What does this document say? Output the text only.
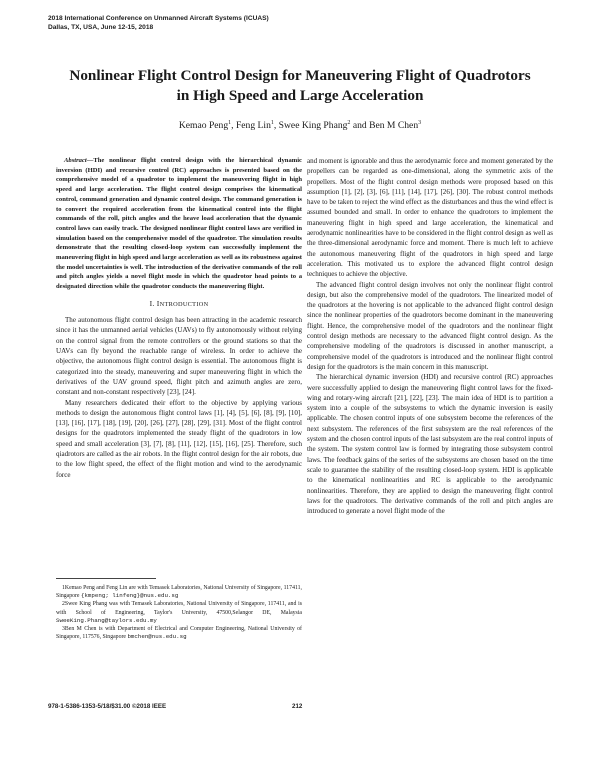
2018 International Conference on Unmanned Aircraft Systems (ICUAS)
Dallas, TX, USA, June 12-15, 2018
Nonlinear Flight Control Design for Maneuvering Flight of Quadrotors
in High Speed and Large Acceleration
Kemao Peng$^1$, Feng Lin$^1$, Swee King Phang$^2$ and Ben M Chen$^3$

Abstract—The nonlinear flight control design with the hierarchical dynamic inversion (HDI) and recursive control (RC) approaches is presented based on the comprehensive model of a quadrotor to implement the maneuvering flight in high speed and large acceleration. The flight control design comprises the kinematical control, command generation and dynamic control design. The command generation is to convert the required acceleration from the kinematical control into the flight commands of the roll, pitch angles and the heave load acceleration that the dynamic control laws can easily track. The designed nonlinear flight control laws are verified in simulation based on the comprehensive model of the quadrotor. The simulation results demonstrate that the resulting closed-loop system can successfully implement the maneuvering flight in high speed and large acceleration as well as its robustness against the model uncertainties is well. The introduction of the derivative commands of the roll and pitch angles yields a novel flight mode in which the quadrotor head points to a designated direction while the quadrotor conducts the maneuvering flight.

I. INTRODUCTION

The autonomous flight control design has been attracting in the academic research since it has the unmanned aerial vehicles (UAVs) to fly autonomously without relying on the control signal from the remote controllers or the ground stations so that the UAVs can fly beyond the reachable range of wireless. In order to achieve the objective, the autonomous flight control design is essential. The autonomous flight is categorized into the steady, maneuvering and super maneuvering flight in which the derivatives of the UAV ground speed, flight pitch and azimuth angles are zero, constant and non-constant respectively [23], [24].

Many researchers dedicated their effort to the objective by applying various methods to design the autonomous flight control laws [1], [4], [5], [6], [8], [9], [10], [13], [16], [17], [18], [19], [20], [26], [27], [28], [29], [31]. Most of the flight control designs for the quadrotors implemented the steady flight of the quadrotors in low speed and small acceleration [3], [7], [8], [11], [12], [15], [16], [25]. Therefore, such qiadrotors are called as the air robots. In the flight control design for the air robots, due to the low flight speed, the effect of the flight motion and wind to the aerodynamic force

and moment is ignorable and thus the aerodynamic force and moment generated by the propellers can be regarded as one-dimensional, along the symmetric axis of the propellers. Most of the flight control design methods were proposed based on this assumption [1], [2], [3], [6], [11], [14], [17], [26], [30]. The robust control methods have to be taken to reject the wind effect as the disturbances and thus the wind effect is assumed bounded and small. In order to enhance the quadrotors to implement the maneuvering flight in high speed and large acceleration, the kinematical and aerodynamic nonlinearities have to be considered in the flight control design as well as the three-dimensional aerodynamic force and moment. There is much left to achieve the autonomous maneuvering flight of the quadrotors in high speed and large acceleration. This motivated us to explore the advanced flight control design techniques to achieve the objective.

The advanced flight control design involves not only the nonlinear flight control design, but also the comprehensive model of the quadrotors. The linearized model of the quadrotors at the hovering is not applicable to the advanced flight control design since the nonlinear properties of the quadrotors become dominant in the maneuvering flight. Hence, the comprehensive model of the quadrotors and the nonlinear flight control design methods are necessary to the advanced flight control design. As the comprehensive modeling of the quadrotors is discussed in another manuscript, a comprehensive model of the quadrotors is introduced and the nonlinear flight control design for the quadrotors is the main concern in this manuscript.

The hierarchical dynamic inversion (HDI) and recursive control (RC) approaches were successfully applied to design the maneuvering flight control laws for the fixed-wing and rotary-wing aircraft [21], [22], [23]. The main idea of HDI is to partition a system into a couple of the subsystems to which the dynamic inversion is easily applicable. The chosen control inputs of one subsystem become the references of the next subsystem. The references of the first subsystem are the real references of the system and the chosen control inputs of the last subsystem are the real control inputs of the system. The system control law is formed by integrating those subsystem control laws. The feedback gains of the series of the subsystems are chosen based on the time scale to guarantee the stability of the resulting closed-loop system. HDI is applicable to the kinematical nonlinearities and RC is applicable to the aerodynamic nonlinearities. Therefore, they are applied to design the maneuvering flight control laws for the quadrotors. The derivative commands of the roll and pitch angles are introduced to generate a novel flight mode of the

1Kemao Peng and Feng Lin are with Temasek Laboratories, National University of Singapore, 117411, Singapore {kmpeng; linfeng}@nus.edu.sg

2Swee King Phang was with Temasek Laboratories, National University of Singapore, 117411, and is with School of Engineering, Taylor's University, 47500,Selangor DE, Malaysia SweeKing.Phang@taylors.edu.my

3Ben M Chen is with Department of Electrical and Computer Engineering, National University of Singapore, 117576, Singapore bmchen@nus.edu.sg

978-1-5386-1353-5/18/$31.00 ©2018 IEEE	212
